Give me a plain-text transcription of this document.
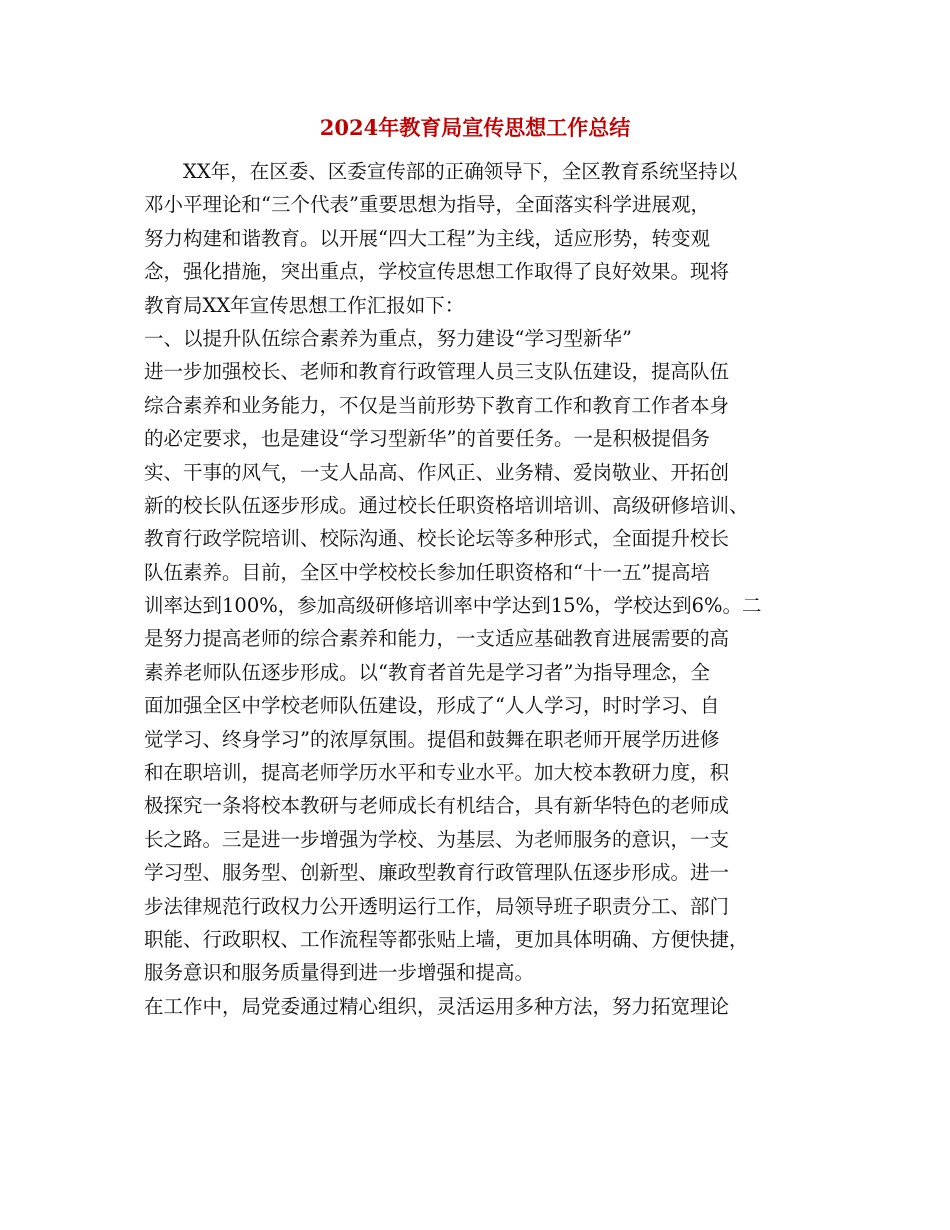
2024年教育局宣传思想工作总结
　　XX年，在区委、区委宣传部的正确领导下，全区教育系统坚持以
邓小平理论和“三个代表”重要思想为指导，全面落实科学进展观，
努力构建和谐教育。以开展“四大工程”为主线，适应形势，转变观
念，强化措施，突出重点，学校宣传思想工作取得了良好效果。现将
教育局XX年宣传思想工作汇报如下：
一、以提升队伍综合素养为重点，努力建设“学习型新华”
进一步加强校长、老师和教育行政管理人员三支队伍建设，提高队伍
综合素养和业务能力，不仅是当前形势下教育工作和教育工作者本身
的必定要求，也是建设“学习型新华”的首要任务。一是积极提倡务
实、干事的风气，一支人品高、作风正、业务精、爱岗敬业、开拓创
新的校长队伍逐步形成。通过校长任职资格培训培训、高级研修培训、
教育行政学院培训、校际沟通、校长论坛等多种形式，全面提升校长
队伍素养。目前，全区中学校校长参加任职资格和“十一五”提高培
训率达到100%，参加高级研修培训率中学达到15%，学校达到6%。二
是努力提高老师的综合素养和能力，一支适应基础教育进展需要的高
素养老师队伍逐步形成。以“教育者首先是学习者”为指导理念，全
面加强全区中学校老师队伍建设，形成了“人人学习，时时学习、自
觉学习、终身学习”的浓厚氛围。提倡和鼓舞在职老师开展学历进修
和在职培训，提高老师学历水平和专业水平。加大校本教研力度，积
极探究一条将校本教研与老师成长有机结合，具有新华特色的老师成
长之路。三是进一步增强为学校、为基层、为老师服务的意识，一支
学习型、服务型、创新型、廉政型教育行政管理队伍逐步形成。进一
步法律规范行政权力公开透明运行工作，局领导班子职责分工、部门
职能、行政职权、工作流程等都张贴上墙，更加具体明确、方便快捷，
服务意识和服务质量得到进一步增强和提高。
在工作中，局党委通过精心组织，灵活运用多种方法，努力拓宽理论
